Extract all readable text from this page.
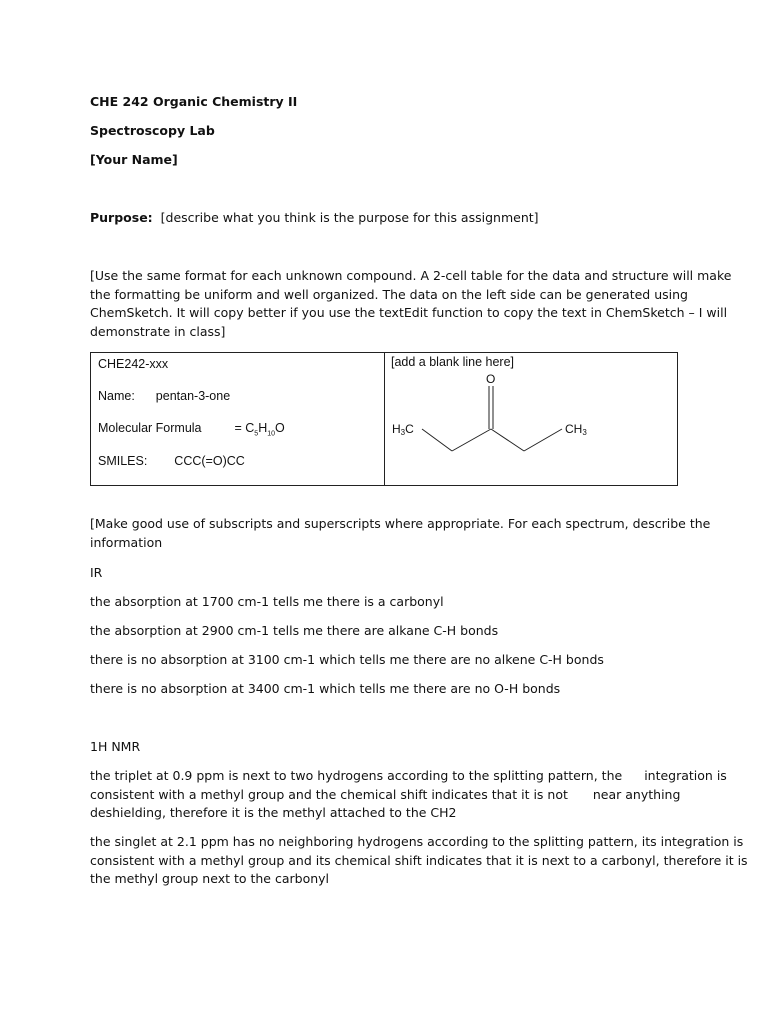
CHE 242 Organic Chemistry II

Spectroscopy Lab

[Your Name]

Purpose: [describe what you think is the purpose for this assignment]

[Use the same format for each unknown compound. A 2-cell table for the data and structure will make
the formatting be uniform and well organized. The data on the left side can be generated using
ChemSketch. It will copy better if you use the textEdit function to copy the text in ChemSketch – I will
demonstrate in class]
CHE242-xxx
Name: pentan-3-one
Molecular Formula	= $C_5H_{10}O$
SMILES: CCC(=O)CC

[add a blank line here]
O
H3C	CH3
[Make good use of subscripts and superscripts where appropriate. For each spectrum, describe the
information

IR

the absorption at 1700 cm-1 tells me there is a carbonyl

the absorption at 2900 cm-1 tells me there are alkane C-H bonds

there is no absorption at 3100 cm-1 which tells me there are no alkene C-H bonds

there is no absorption at 3400 cm-1 which tells me there are no O-H bonds

1H NMR

the triplet at 0.9 ppm is next to two hydrogens according to the splitting pattern, the integration is
consistent with a methyl group and the chemical shift indicates that it is not near anything
deshielding, therefore it is the methyl attached to the CH2
the singlet at 2.1 ppm has no neighboring hydrogens according to the splitting pattern, its integration is
consistent with a methyl group and its chemical shift indicates that it is next to a carbonyl, therefore it is
the methyl group next to the carbonyl
